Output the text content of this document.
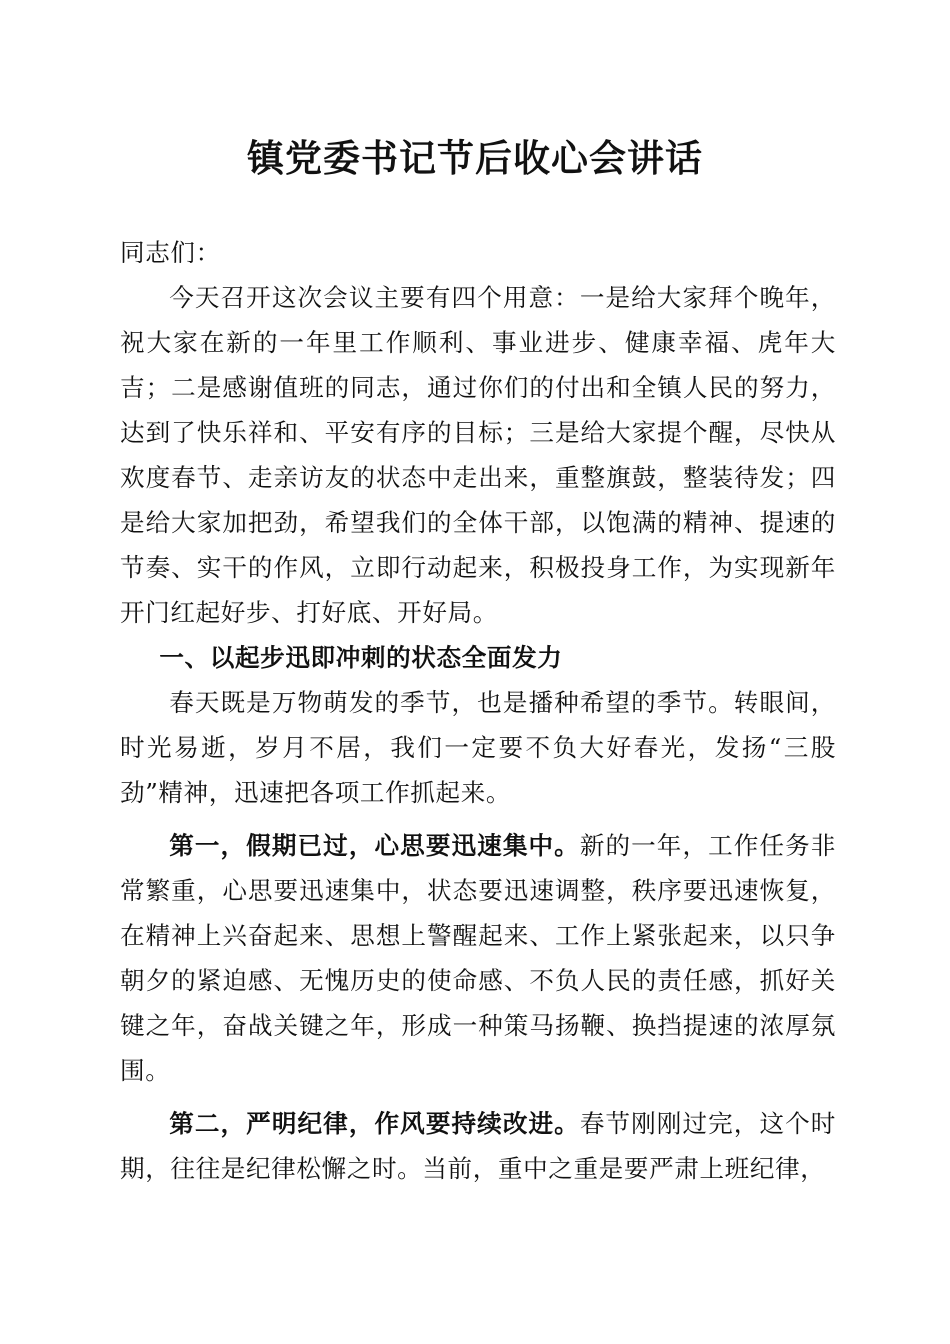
镇党委书记节后收心会讲话

同志们：

今天召开这次会议主要有四个用意：一是给大家拜个晚年，祝大家在新的一年里工作顺利、事业进步、健康幸福、虎年大吉；二是感谢值班的同志，通过你们的付出和全镇人民的努力，达到了快乐祥和、平安有序的目标；三是给大家提个醒，尽快从欢度春节、走亲访友的状态中走出来，重整旗鼓，整装待发；四是给大家加把劲，希望我们的全体干部，以饱满的精神、提速的节奏、实干的作风，立即行动起来，积极投身工作，为实现新年开门红起好步、打好底、开好局。

一、以起步迅即冲刺的状态全面发力

春天既是万物萌发的季节，也是播种希望的季节。转眼间，时光易逝，岁月不居，我们一定要不负大好春光，发扬“三股劲”精神，迅速把各项工作抓起来。

第一，假期已过，心思要迅速集中。新的一年，工作任务非常繁重，心思要迅速集中，状态要迅速调整，秩序要迅速恢复，在精神上兴奋起来、思想上警醒起来、工作上紧张起来，以只争朝夕的紧迫感、无愧历史的使命感、不负人民的责任感，抓好关键之年，奋战关键之年，形成一种策马扬鞭、换挡提速的浓厚氛围。

第二，严明纪律，作风要持续改进。春节刚刚过完，这个时期，往往是纪律松懈之时。当前，重中之重是要严肃上班纪律，
